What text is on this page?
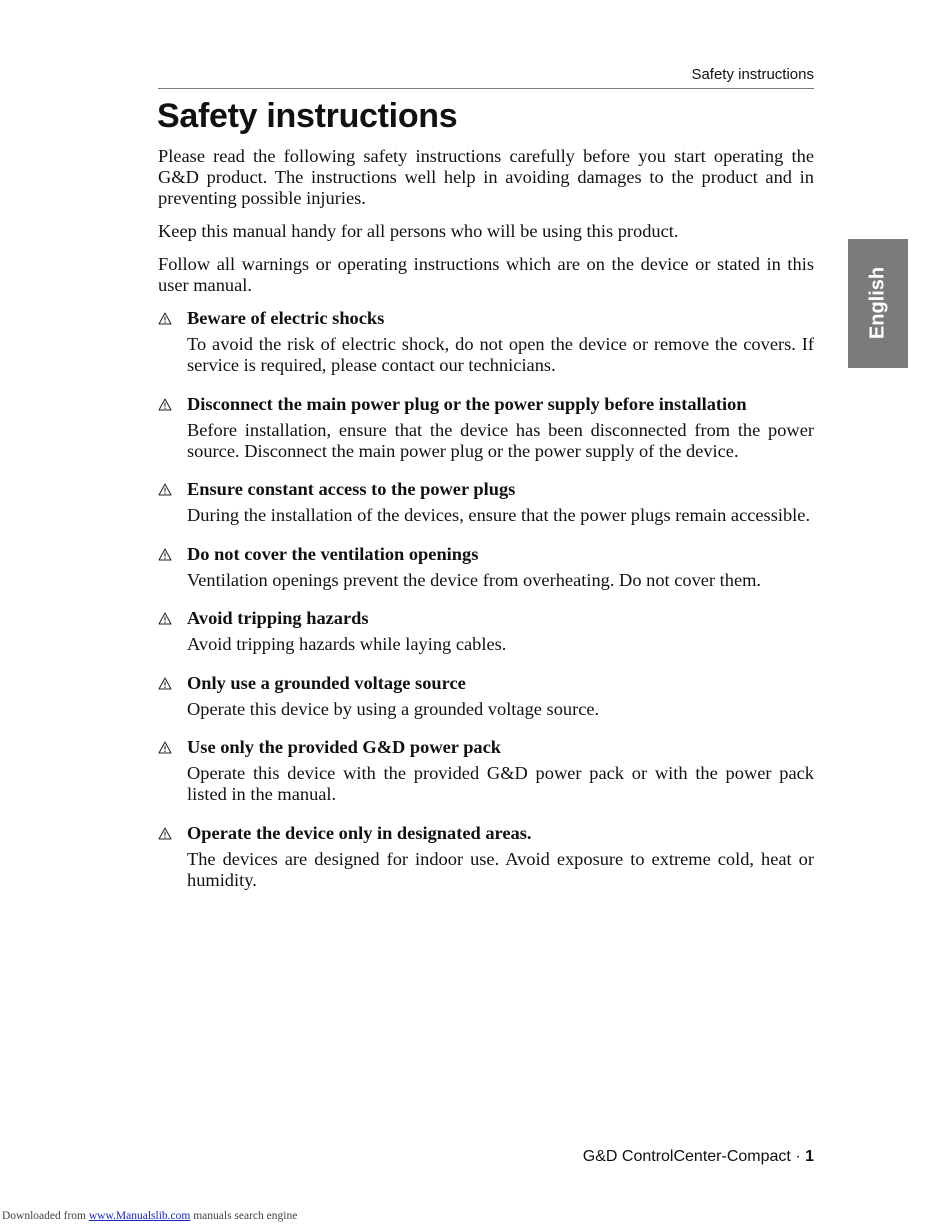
Safety instructions
Safety instructions

Please read the following safety instructions carefully before you start operating the G&D product. The instructions well help in avoiding damages to the product and in preventing possible injuries.

Keep this manual handy for all persons who will be using this product.

Follow all warnings or operating instructions which are on the device or stated in this user manual.

Beware of electric shocks

To avoid the risk of electric shock, do not open the device or remove the covers. If service is required, please contact our technicians.

Disconnect the main power plug or the power supply before installation

Before installation, ensure that the device has been disconnected from the power source. Disconnect the main power plug or the power supply of the device.

Ensure constant access to the power plugs

During the installation of the devices, ensure that the power plugs remain accessible.

Do not cover the ventilation openings

Ventilation openings prevent the device from overheating. Do not cover them.

Avoid tripping hazards

Avoid tripping hazards while laying cables.

Only use a grounded voltage source

Operate this device by using a grounded voltage source.

Use only the provided G&D power pack

Operate this device with the provided G&D power pack or with the power pack listed in the manual.

Operate the device only in designated areas.

The devices are designed for indoor use. Avoid exposure to extreme cold, heat or humidity.

English
G&D ControlCenter-Compact · 1
Downloaded from www.Manualslib.com manuals search engine
